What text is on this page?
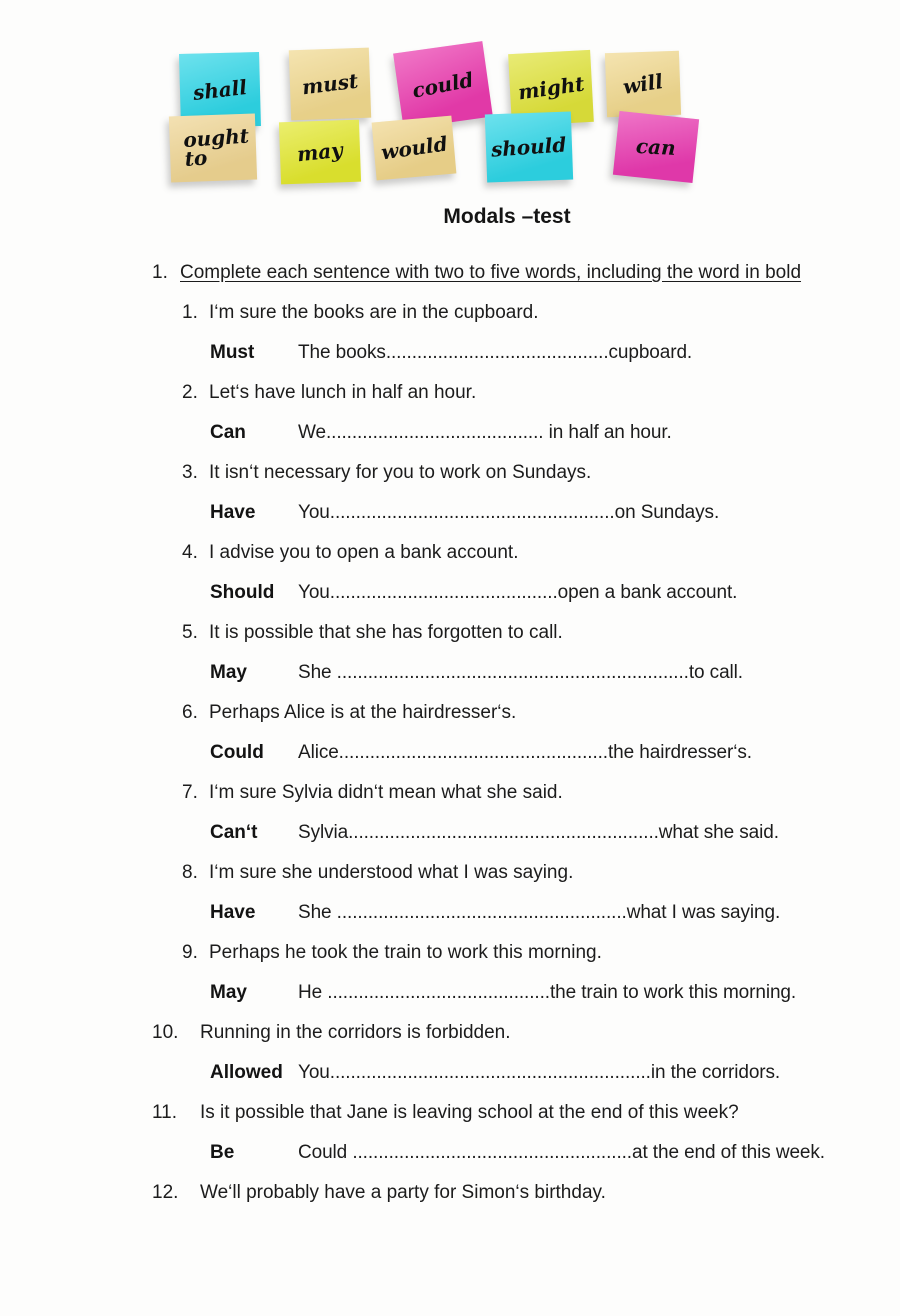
shall	must	could might will
ought to	may would should	can
Modals –test
1. Complete each sentence with two to five words, including the word in bold
1. I‘m sure the books are in the cupboard.
Must The books...........................................cupboard.
2. Let‘s have lunch in half an hour.
Can	We.......................................... in half an hour.
3. It isn‘t necessary for you to work on Sundays.
Have You.......................................................on Sundays.
4. I advise you to open a bank account.
Should You............................................open a bank account.
5. It is possible that she has forgotten to call.
May	She ....................................................................to call.
6. Perhaps Alice is at the hairdresser‘s.
Could Alice....................................................the hairdresser‘s.
7. I‘m sure Sylvia didn‘t mean what she said.
Can‘t Sylvia............................................................what she said.
8. I‘m sure she understood what I was saying.
Have She ........................................................what I was saying.
9. Perhaps he took the train to work this morning.
May	He ...........................................the train to work this morning.
10. Running in the corridors is forbidden.
Allowed You..............................................................in the corridors.
11. Is it possible that Jane is leaving school at the end of this week?
Be	Could ......................................................at the end of this week.
12. We‘ll probably have a party for Simon‘s birthday.
